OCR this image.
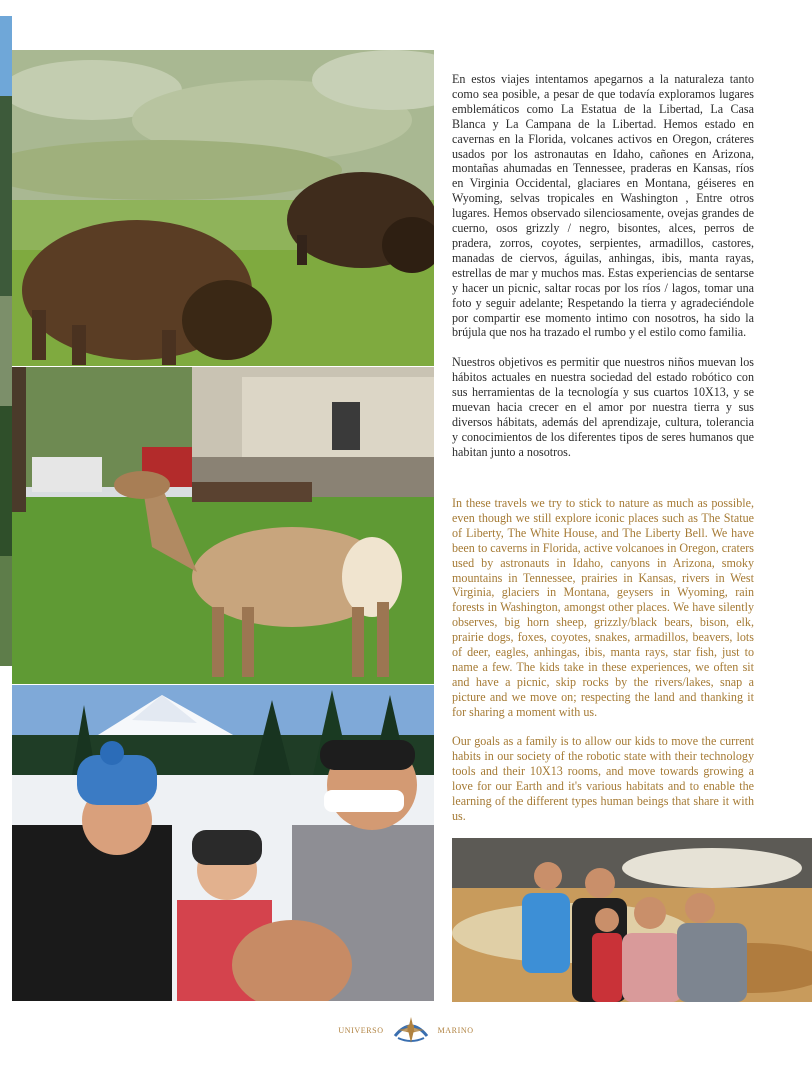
En estos viajes intentamos apegarnos a la naturaleza tanto como sea posible, a pesar de que todavía exploramos lugares emblemáticos como La Estatua de la Libertad, La Casa Blanca y La Campana de la Libertad. Hemos estado en cavernas en la Florida, volcanes activos en Oregon, cráteres usados por los astronautas en Idaho, cañones en Arizona, montañas ahumadas en Tennessee, praderas en Kansas, ríos en Virginia Occidental, glaciares en Montana, géiseres en Wyoming, selvas tropicales en Washington , Entre otros lugares. Hemos observado silenciosamente, ovejas grandes de cuerno, osos grizzly / negro, bisontes, alces, perros de pradera, zorros, coyotes, serpientes, armadillos, castores, manadas de ciervos, águilas, anhingas, ibis, manta rayas, estrellas de mar y muchos mas. Estas experiencias de sentarse y hacer un picnic, saltar rocas por los ríos / lagos, tomar una foto y seguir adelante; Respetando la tierra y agradeciéndole por compartir ese momento intimo con nosotros, ha sido la brújula que nos ha trazado el rumbo y el estilo como familia.

Nuestros objetivos es permitir que nuestros niños muevan los hábitos actuales en nuestra sociedad del estado robótico con sus herramientas de la tecnología y sus cuartos 10X13, y se muevan hacia crecer en el amor por nuestra tierra y sus diversos hábitats, además del aprendizaje, cultura, tolerancia y conocimientos de los diferentes tipos de seres humanos que habitan junto a nosotros.

In these travels we try to stick to nature as much as possible, even though we still explore iconic places such as The Statue of Liberty, The White House, and The Liberty Bell. We have been to caverns in Florida, active volcanoes in Oregon, craters used by astronauts in Idaho, canyons in Arizona, smoky mountains in Tennessee, prairies in Kansas, rivers in West Virginia, glaciers in Montana, geysers in Wyoming, rain forests in Washington, amongst other places. We have silently observes, big horn sheep, grizzly/black bears, bison, elk, prairie dogs, foxes, coyotes, snakes, armadillos, beavers, lots of deer, eagles, anhingas, ibis, manta rays, star fish, just to name a few. The kids take in these experiences, we often sit and have a picnic, skip rocks by the rivers/lakes, snap a picture and we move on; respecting the land and thanking it for sharing a moment with us.

Our goals as a family is to allow our kids to move the current habits in our society of the robotic state with their technology tools and their 10X13 rooms, and move towards growing a love for our Earth and it's various habitats and to enable the learning of the different types human beings that share it with us.

UNIVERSO	11	MARINO
